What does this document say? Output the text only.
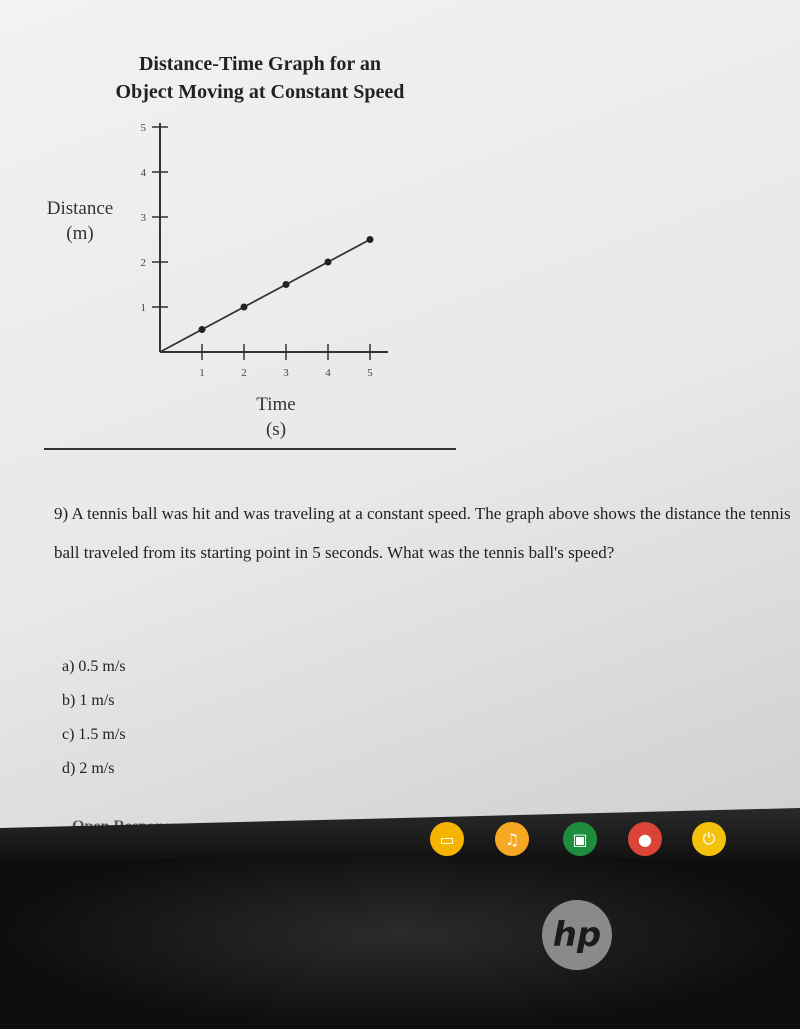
Distance-Time Graph for an
Object Moving at Constant Speed
1
2
3
4
5
1	2	3	4	5
Distance
(m)
Time
(s)
9) A tennis ball was hit and was traveling at a constant speed. The graph above shows the distance the tennis ball traveled from its starting point in 5 seconds. What was the tennis ball's speed?
a) 0.5 m/s
b) 1 m/s
c) 1.5 m/s
d) 2 m/s
▭	♫	▣	●	⏻
hp
